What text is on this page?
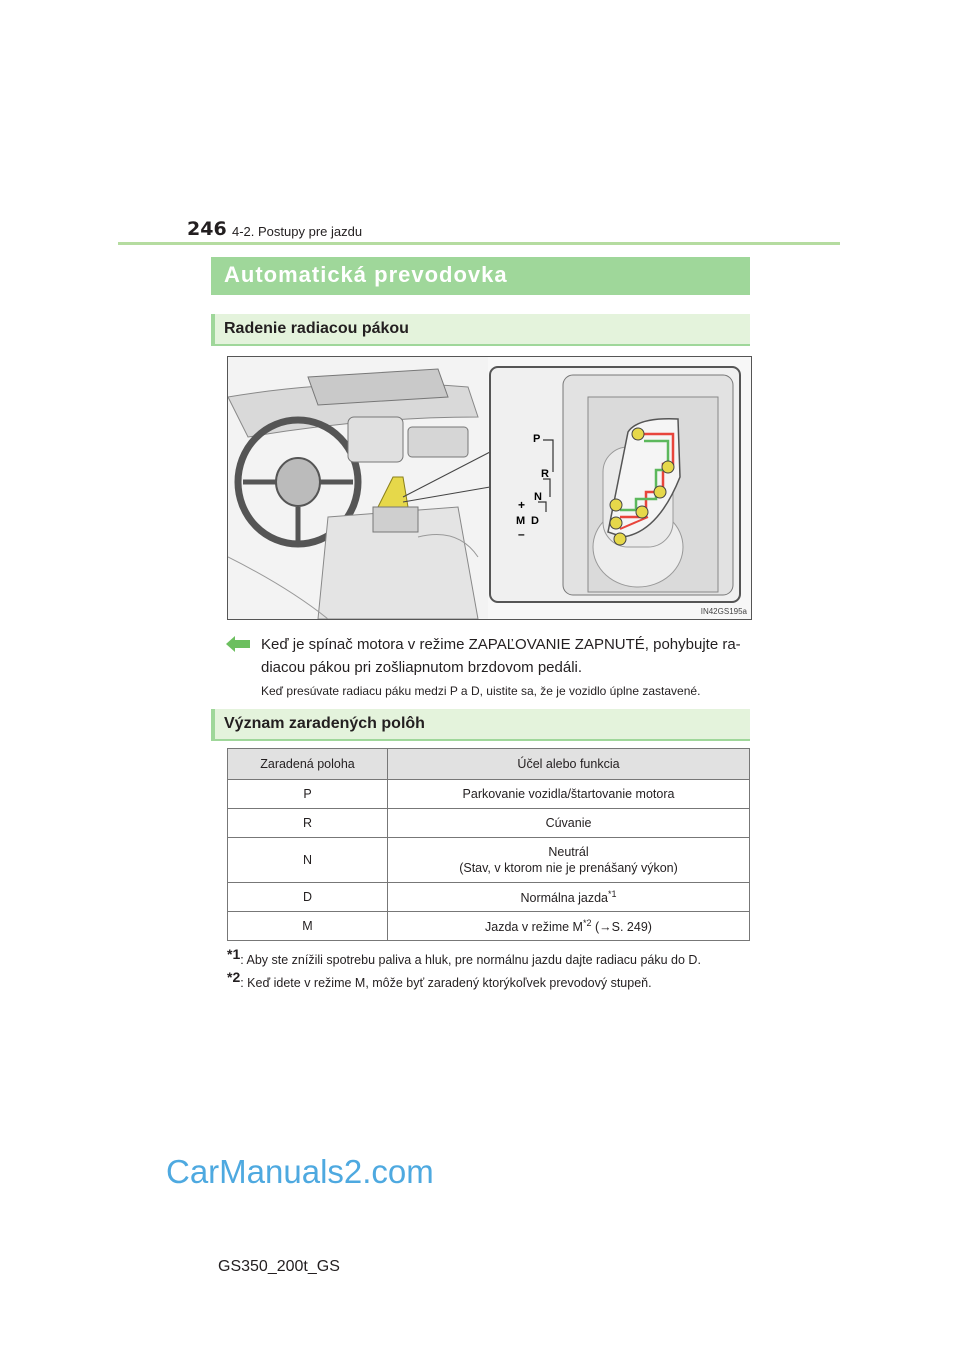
246 4-2. Postupy pre jazdu
Automatická prevodovka
Radenie radiacou pákou
P
R
N
D
M
+
–
IN42GS195a
Keď je spínač motora v režime ZAPAĽOVANIE ZAPNUTÉ, pohybujte ra-
diacou pákou pri zošliapnutom brzdovom pedáli.
Keď presúvate radiacu páku medzi P a D, uistite sa, že je vozidlo úplne zastavené.
Význam zaradených polôh
Zaradená poloha	Účel alebo funkcia
P	Parkovanie vozidla/štartovanie motora
R	Cúvanie
N	Neutrál
(Stav, v ktorom nie je prenášaný výkon)

D	Normálna jazda$^{*1}$
M	Jazda v režime $M^{*2}$ (→S. 249)
$^{*1}$: Aby ste znížili spotrebu paliva a hluk, pre normálnu jazdu dajte radiacu páku do D.
$^{*2}$: Keď idete v režime M, môže byť zaradený ktorýkoľvek prevodový stupeň.
CarManuals2.com
GS350_200t_GS
